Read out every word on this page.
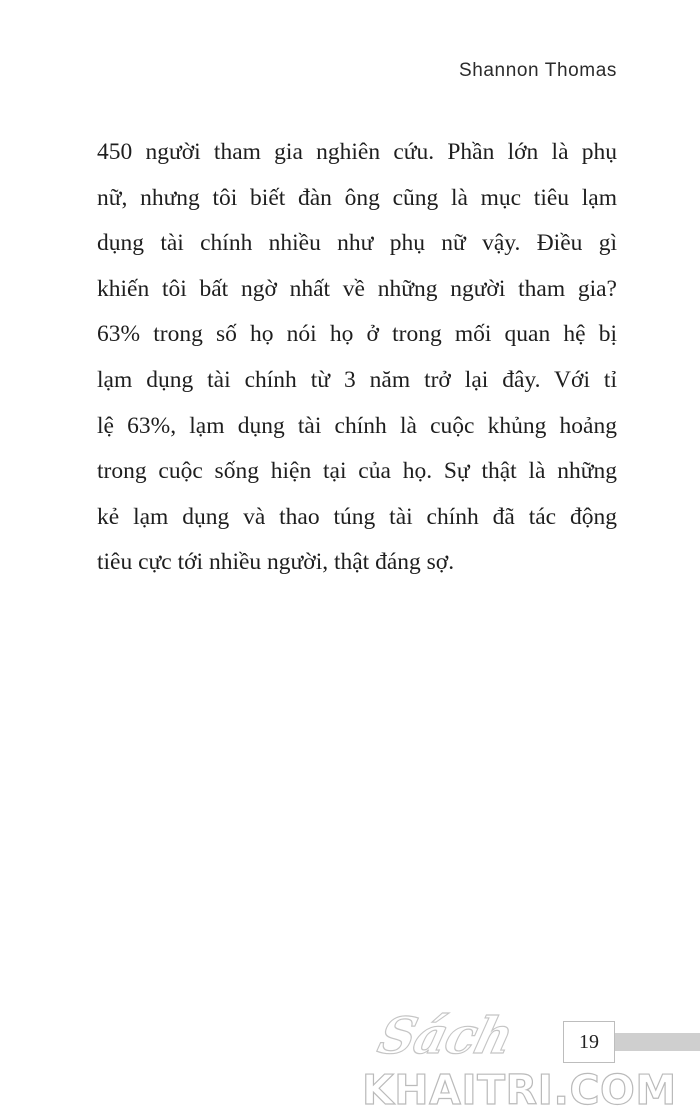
Shannon Thomas
450 người tham gia nghiên cứu. Phần lớn là phụ
nữ, nhưng tôi biết đàn ông cũng là mục tiêu lạm
dụng tài chính nhiều như phụ nữ vậy. Điều gì
khiến tôi bất ngờ nhất về những người tham gia?
63% trong số họ nói họ ở trong mối quan hệ bị
lạm dụng tài chính từ 3 năm trở lại đây. Với tỉ
lệ 63%, lạm dụng tài chính là cuộc khủng hoảng
trong cuộc sống hiện tại của họ. Sự thật là những
kẻ lạm dụng và thao túng tài chính đã tác động
tiêu cực tới nhiều người, thật đáng sợ.
19
Sách
KHAITRI.COM
